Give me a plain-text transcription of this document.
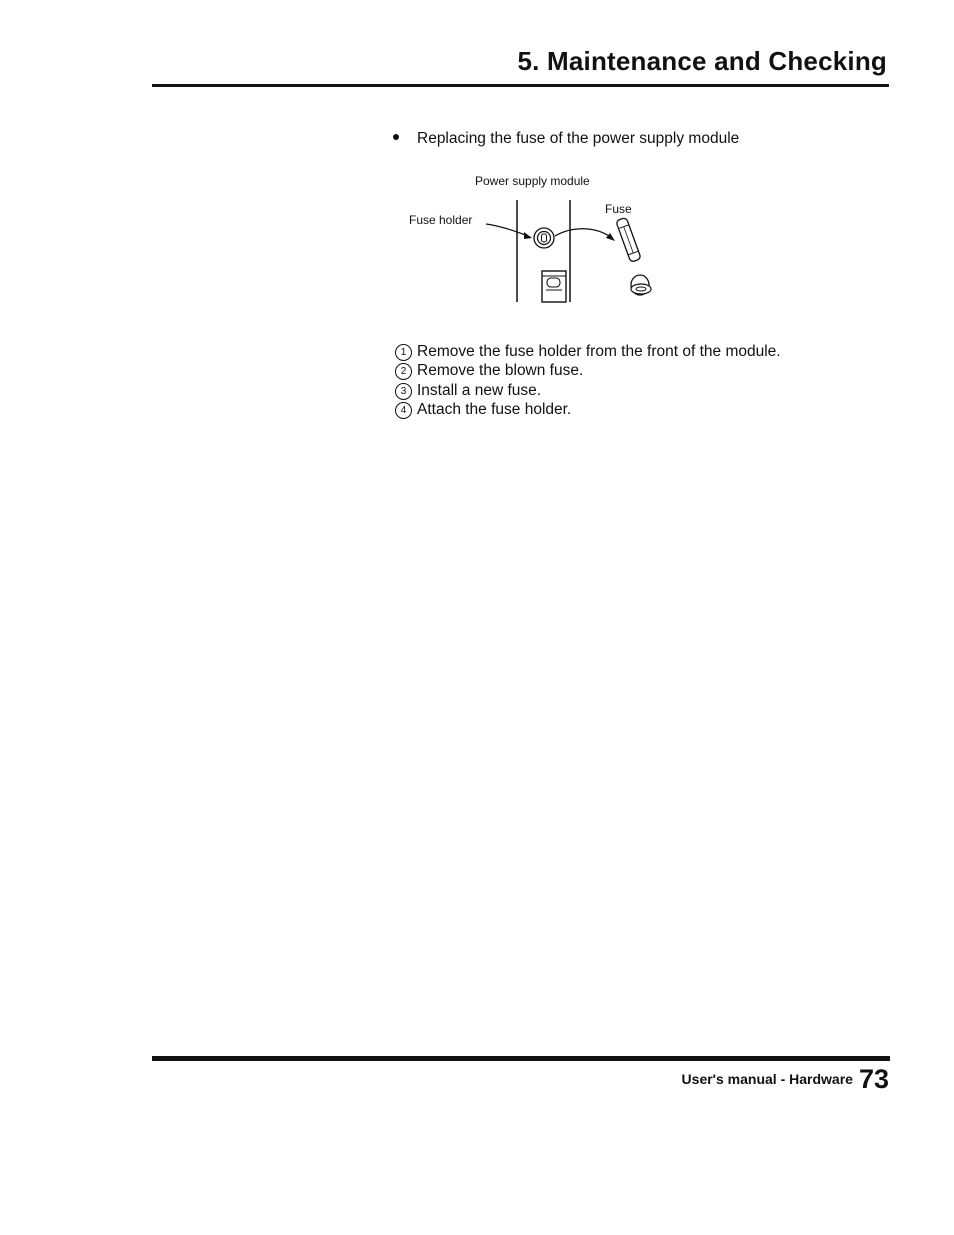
5. Maintenance and Checking
Replacing the fuse of the power supply module
Power supply module
Fuse holder
Fuse
1 Remove the fuse holder from the front of the module.
2 Remove the blown fuse.
3 Install a new fuse.
4 Attach the fuse holder.
User's manual - Hardware 73
